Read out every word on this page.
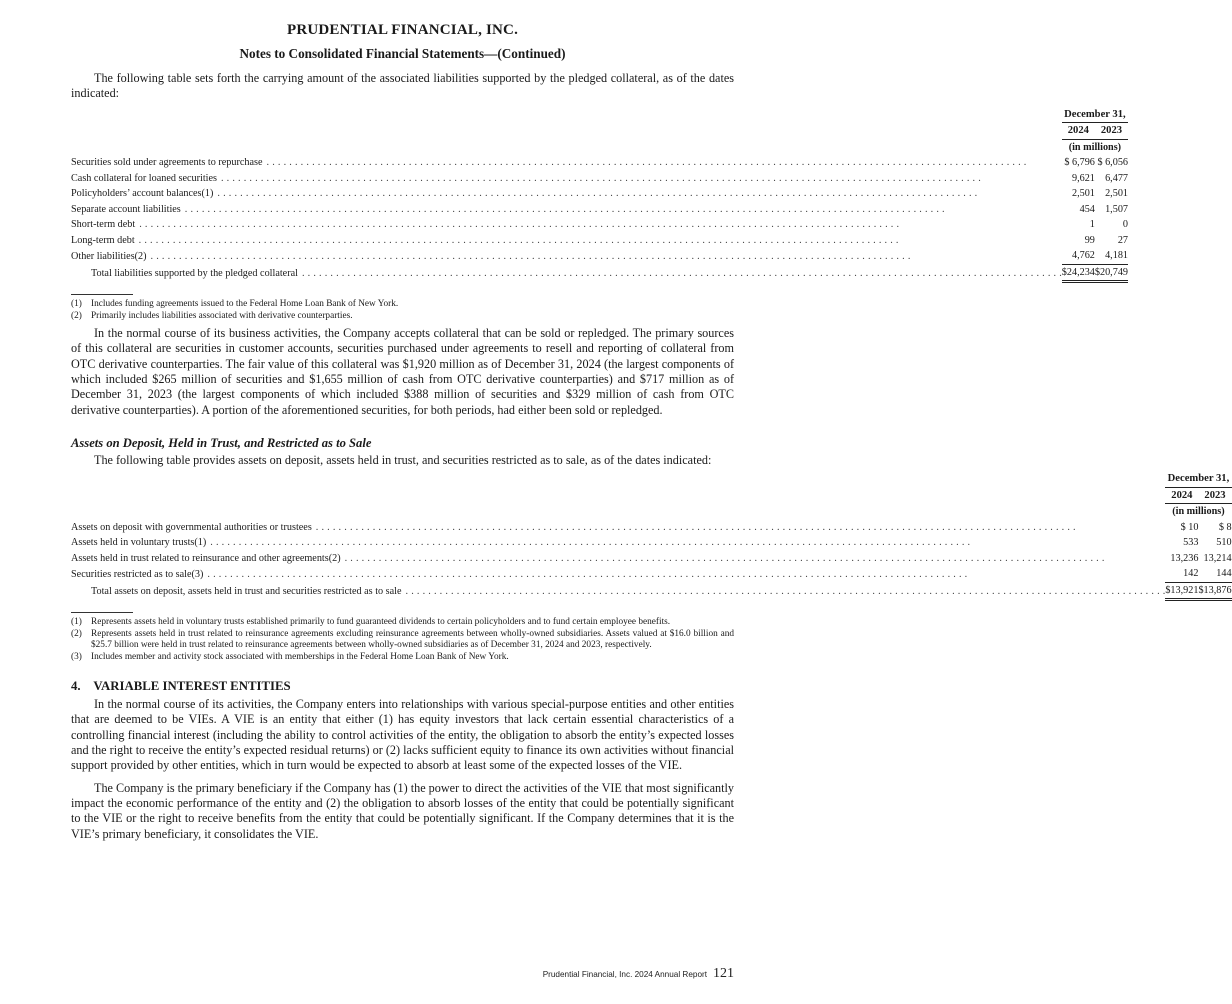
PRUDENTIAL FINANCIAL, INC.
Notes to Consolidated Financial Statements—(Continued)

The following table sets forth the carrying amount of the associated liabilities supported by the pledged collateral, as of the dates indicated:

		December 31,	
		2024		2023
		(in millions)	

Securities sold under agreements to repurchase
. . .		$ 6,796		$ 6,056

Cash collateral for loaned securities
. . .		9,621		6,477

Policyholders’ account balances(1)
. . .		2,501		2,501

Separate account liabilities
. . .		454		1,507

Short-term debt
. . .		1		0

Long-term debt
. . .		99		27

Other liabilities(2)
. . .		4,762		4,181

Total liabilities supported by the pledged collateral
. . .		$24,234		$20,749
(1) Includes funding agreements issued to the Federal Home Loan Bank of New York.
(2) Primarily includes liabilities associated with derivative counterparties.

In the normal course of its business activities, the Company accepts collateral that can be sold or repledged. The primary sources of this collateral are securities in customer accounts, securities purchased under agreements to resell and reporting of collateral from OTC derivative counterparties. The fair value of this collateral was $1,920 million as of December 31, 2024 (the largest components of which included $265 million of securities and $1,655 million of cash from OTC derivative counterparties) and $717 million as of December 31, 2023 (the largest components of which included $388 million of securities and $329 million of cash from OTC derivative counterparties). A portion of the aforementioned securities, for both periods, had either been sold or repledged.

Assets on Deposit, Held in Trust, and Restricted as to Sale

The following table provides assets on deposit, assets held in trust, and securities restricted as to sale, as of the dates indicated:

		December 31,	
		2024		2023
		(in millions)	

Assets on deposit with governmental authorities or trustees
. . .		$ 10		$ 8

Assets held in voluntary trusts(1)
. . .		533		510

Assets held in trust related to reinsurance and other agreements(2)
. . .		13,236		13,214

Securities restricted as to sale(3)
. . .		142		144

Total assets on deposit, assets held in trust and securities restricted as to sale
. . .		$13,921		$13,876
(1) Represents assets held in voluntary trusts established primarily to fund guaranteed dividends to certain policyholders and to fund certain employee benefits.
(2) Represents assets held in trust related to reinsurance agreements excluding reinsurance agreements between wholly-owned subsidiaries. Assets valued at $16.0 billion and $25.7 billion were held in trust related to reinsurance agreements between wholly-owned subsidiaries as of December 31, 2024 and 2023, respectively.
(3) Includes member and activity stock associated with memberships in the Federal Home Loan Bank of New York.
4. VARIABLE INTEREST ENTITIES

In the normal course of its activities, the Company enters into relationships with various special-purpose entities and other entities that are deemed to be VIEs. A VIE is an entity that either (1) has equity investors that lack certain essential characteristics of a controlling financial interest (including the ability to control activities of the entity, the obligation to absorb the entity’s expected losses and the right to receive the entity’s expected residual returns) or (2) lacks sufficient equity to finance its own activities without financial support provided by other entities, which in turn would be expected to absorb at least some of the expected losses of the VIE.

The Company is the primary beneficiary if the Company has (1) the power to direct the activities of the VIE that most significantly impact the economic performance of the entity and (2) the obligation to absorb losses of the entity that could be potentially significant to the VIE or the right to receive benefits from the entity that could be potentially significant. If the Company determines that it is the VIE’s primary beneficiary, it consolidates the VIE.

Prudential Financial, Inc. 2024 Annual Report 121
